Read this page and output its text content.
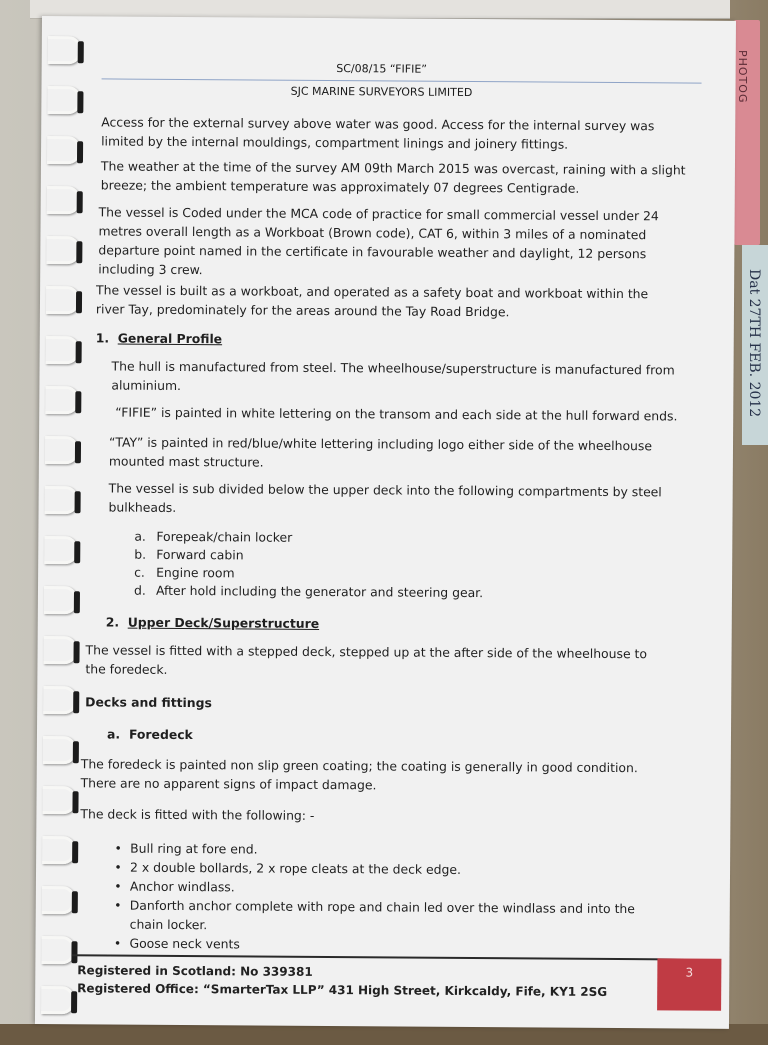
PHOTOG
Dat 27TH FEB. 2012
SC/08/15 “FIFIE”
SJC MARINE SURVEYORS LIMITED
Access for the external survey above water was good. Access for the internal survey was
limited by the internal mouldings, compartment linings and joinery fittings.
The weather at the time of the survey AM 09th March 2015 was overcast, raining with a slight
breeze; the ambient temperature was approximately 07 degrees Centigrade.
The vessel is Coded under the MCA code of practice for small commercial vessel under 24
metres overall length as a Workboat (Brown code), CAT 6, within 3 miles of a nominated
departure point named in the certificate in favourable weather and daylight, 12 persons
including 3 crew.
The vessel is built as a workboat, and operated as a safety boat and workboat within the
river Tay, predominately for the areas around the Tay Road Bridge.
1. General Profile
The hull is manufactured from steel. The wheelhouse/superstructure is manufactured from
aluminium.
“FIFIE” is painted in white lettering on the transom and each side at the hull forward ends.
“TAY” is painted in red/blue/white lettering including logo either side of the wheelhouse
mounted mast structure.
The vessel is sub divided below the upper deck into the following compartments by steel
bulkheads.
a. Forepeak/chain locker
b. Forward cabin
c. Engine room
d. After hold including the generator and steering gear.
2. Upper Deck/Superstructure
The vessel is fitted with a stepped deck, stepped up at the after side of the wheelhouse to
the foredeck.
Decks and fittings
a. Foredeck
The foredeck is painted non slip green coating; the coating is generally in good condition.
There are no apparent signs of impact damage.
The deck is fitted with the following: -
• Bull ring at fore end.
• 2 x double bollards, 2 x rope cleats at the deck edge.
• Anchor windlass.
• Danforth anchor complete with rope and chain led over the windlass and into the
chain locker.
• Goose neck vents
Registered in Scotland: No 339381
Registered Office: “SmarterTax LLP” 431 High Street, Kirkcaldy, Fife, KY1 2SG
3
